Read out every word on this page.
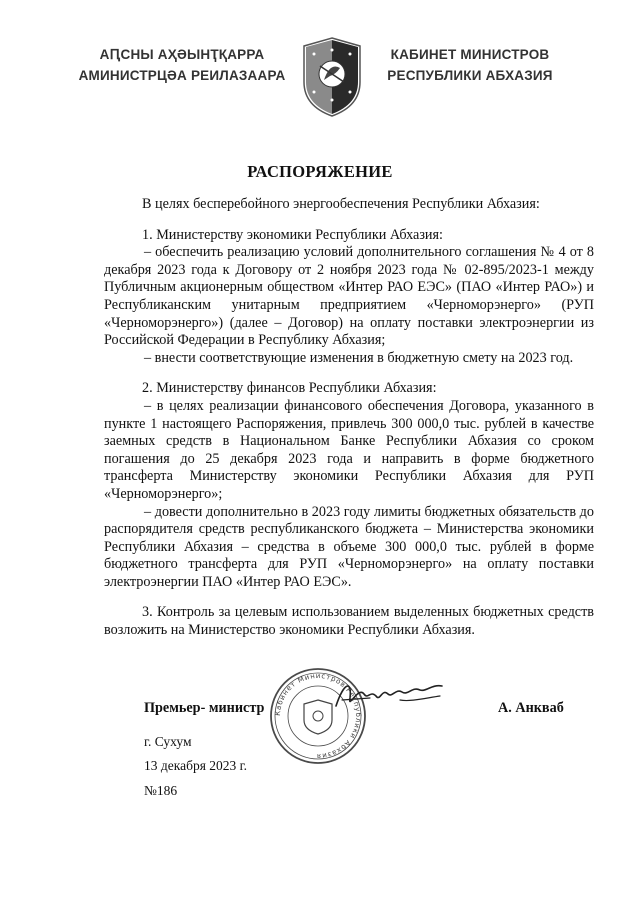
АԤСНЫ АҲӘЫНҬҚАРРА
АМИНИСТРЦӘА РЕИЛАЗААРА
КАБИНЕТ МИНИСТРОВ
РЕСПУБЛИКИ АБХАЗИЯ
РАСПОРЯЖЕНИЕ

В целях бесперебойного энергообеспечения Республики Абхазия:

1. Министерству экономики Республики Абхазия:

– обеспечить реализацию условий дополнительного соглашения № 4 от 8 декабря 2023 года к Договору от 2 ноября 2023 года № 02-895/2023-1 между Публичным акционерным обществом «Интер РАО ЕЭС» (ПАО «Интер РАО») и Республиканским унитарным предприятием «Черноморэнерго» (РУП «Черноморэнерго») (далее – Договор) на оплату поставки электроэнергии из Российской Федерации в Республику Абхазия;

– внести соответствующие изменения в бюджетную смету на 2023 год.

2. Министерству финансов Республики Абхазия:

– в целях реализации финансового обеспечения Договора, указанного в пункте 1 настоящего Распоряжения, привлечь 300 000,0 тыс. рублей в качестве заемных средств в Национальном Банке Республики Абхазия со сроком погашения до 25 декабря 2023 года и направить в форме бюджетного трансферта Министерству экономики Республики Абхазия для РУП «Черноморэнерго»;

– довести дополнительно в 2023 году лимиты бюджетных обязательств до распорядителя средств республиканского бюджета – Министерства экономики Республики Абхазия – средства в объеме 300 000,0 тыс. рублей в форме бюджетного трансферта для РУП «Черноморэнерго» на оплату поставки электроэнергии ПАО «Интер РАО ЕЭС».

3. Контроль за целевым использованием выделенных бюджетных средств возложить на Министерство экономики Республики Абхазия.

Кабинет Министров Республики Абхазия
Премьер- министр	А. Анкваб
г. Сухум
13 декабря 2023 г.
№186
